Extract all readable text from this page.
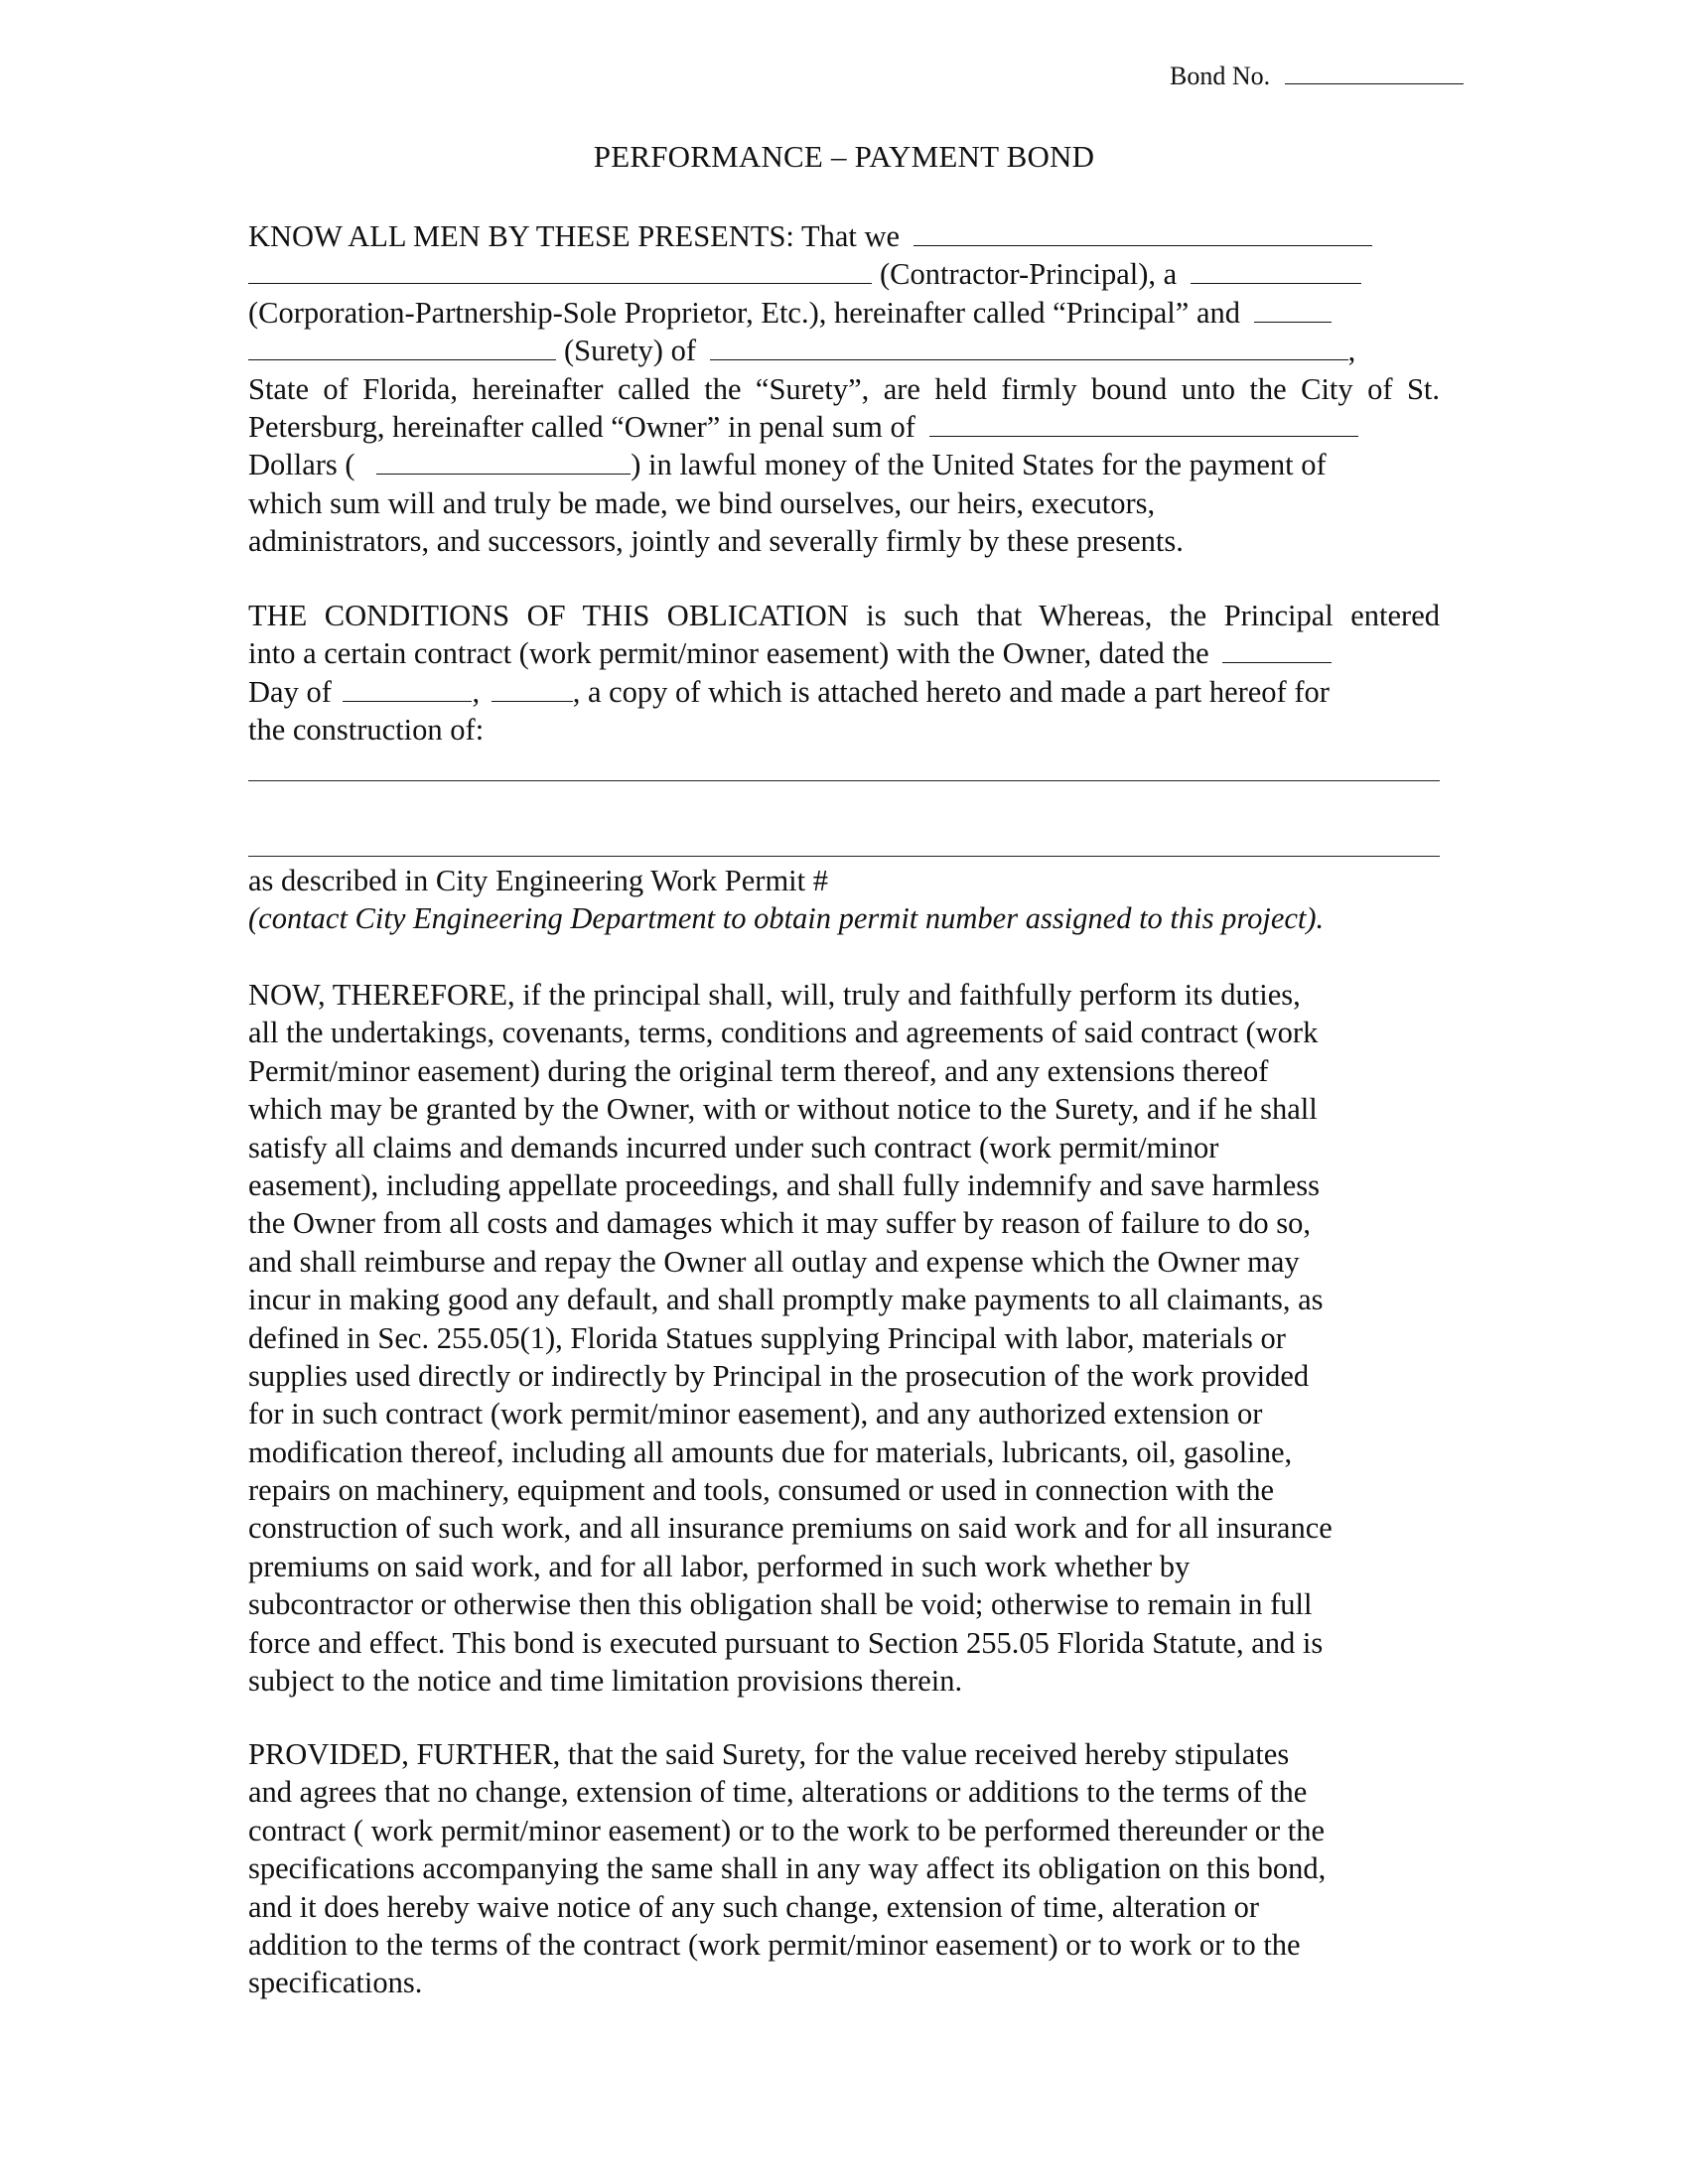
Bond No.
PERFORMANCE – PAYMENT BOND
KNOW ALL MEN BY THESE PRESENTS: That we
(Contractor-Principal), a
(Corporation-Partnership-Sole Proprietor, Etc.), hereinafter called “Principal” and
(Surety) of	,
State of Florida, hereinafter called the “Surety”, are held firmly bound unto the City of St.
Petersburg, hereinafter called “Owner” in penal sum of
Dollars (	) in lawful money of the United States for the payment of
which sum will and truly be made, we bind ourselves, our heirs, executors,
administrators, and successors, jointly and severally firmly by these presents.
THE CONDITIONS OF THIS OBLICATION is such that Whereas, the Principal entered
into a certain contract (work permit/minor easement) with the Owner, dated the
Day of	,	, a copy of which is attached hereto and made a part hereof for
the construction of:
as described in City Engineering Work Permit #
(contact City Engineering Department to obtain permit number assigned to this project).
NOW, THEREFORE, if the principal shall, will, truly and faithfully perform its duties,
all the undertakings, covenants, terms, conditions and agreements of said contract (work
Permit/minor easement) during the original term thereof, and any extensions thereof
which may be granted by the Owner, with or without notice to the Surety, and if he shall
satisfy all claims and demands incurred under such contract (work permit/minor
easement), including appellate proceedings, and shall fully indemnify and save harmless
the Owner from all costs and damages which it may suffer by reason of failure to do so,
and shall reimburse and repay the Owner all outlay and expense which the Owner may
incur in making good any default, and shall promptly make payments to all claimants, as
defined in Sec. 255.05(1), Florida Statues supplying Principal with labor, materials or
supplies used directly or indirectly by Principal in the prosecution of the work provided
for in such contract (work permit/minor easement), and any authorized extension or
modification thereof, including all amounts due for materials, lubricants, oil, gasoline,
repairs on machinery, equipment and tools, consumed or used in connection with the
construction of such work, and all insurance premiums on said work and for all insurance
premiums on said work, and for all labor, performed in such work whether by
subcontractor or otherwise then this obligation shall be void; otherwise to remain in full
force and effect. This bond is executed pursuant to Section 255.05 Florida Statute, and is
subject to the notice and time limitation provisions therein.
PROVIDED, FURTHER, that the said Surety, for the value received hereby stipulates
and agrees that no change, extension of time, alterations or additions to the terms of the
contract ( work permit/minor easement) or to the work to be performed thereunder or the
specifications accompanying the same shall in any way affect its obligation on this bond,
and it does hereby waive notice of any such change, extension of time, alteration or
addition to the terms of the contract (work permit/minor easement) or to work or to the
specifications.
